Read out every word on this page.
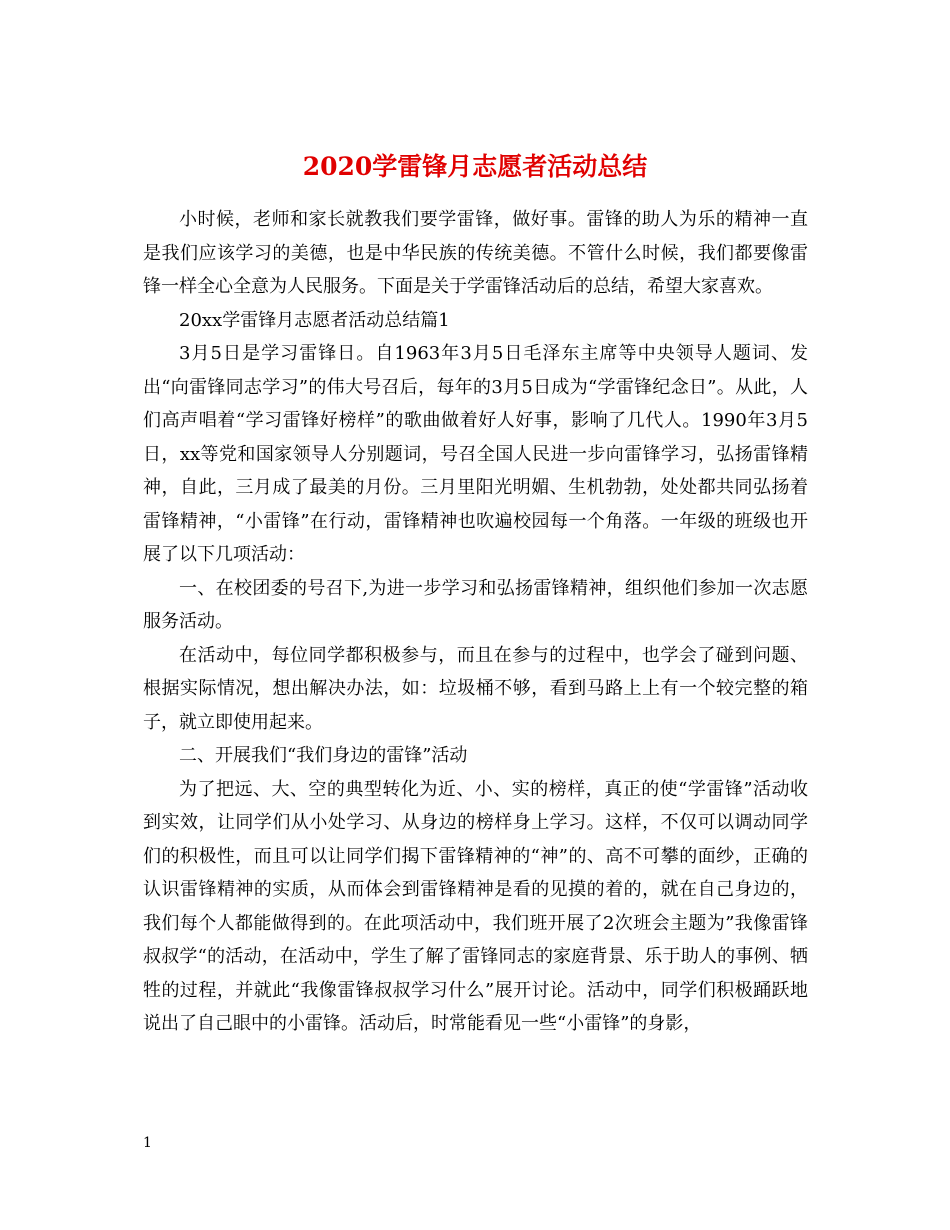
2020学雷锋月志愿者活动总结

小时候，老师和家长就教我们要学雷锋，做好事。雷锋的助人为乐的精神一直是我们应该学习的美德，也是中华民族的传统美德。不管什么时候，我们都要像雷锋一样全心全意为人民服务。下面是关于学雷锋活动后的总结，希望大家喜欢。

20xx学雷锋月志愿者活动总结篇1

3月5日是学习雷锋日。自1963年3月5日毛泽东主席等中央领导人题词、发出“向雷锋同志学习”的伟大号召后，每年的3月5日成为“学雷锋纪念日”。从此，人们高声唱着“学习雷锋好榜样”的歌曲做着好人好事，影响了几代人。1990年3月5日，xx等党和国家领导人分别题词，号召全国人民进一步向雷锋学习，弘扬雷锋精神，自此，三月成了最美的月份。三月里阳光明媚、生机勃勃，处处都共同弘扬着雷锋精神，“小雷锋”在行动，雷锋精神也吹遍校园每一个角落。一年级的班级也开展了以下几项活动：

一、在校团委的号召下,为进一步学习和弘扬雷锋精神，组织他们参加一次志愿服务活动。

在活动中，每位同学都积极参与，而且在参与的过程中，也学会了碰到问题、根据实际情况，想出解决办法，如：垃圾桶不够，看到马路上上有一个较完整的箱子，就立即使用起来。

二、开展我们“我们身边的雷锋”活动

为了把远、大、空的典型转化为近、小、实的榜样，真正的使“学雷锋”活动收到实效，让同学们从小处学习、从身边的榜样身上学习。这样，不仅可以调动同学们的积极性，而且可以让同学们揭下雷锋精神的“神”的、高不可攀的面纱，正确的认识雷锋精神的实质，从而体会到雷锋精神是看的见摸的着的，就在自己身边的，我们每个人都能做得到的。在此项活动中，我们班开展了2次班会主题为”我像雷锋叔叔学“的活动，在活动中，学生了解了雷锋同志的家庭背景、乐于助人的事例、牺牲的过程，并就此“我像雷锋叔叔学习什么”展开讨论。活动中，同学们积极踊跃地说出了自己眼中的小雷锋。活动后，时常能看见一些“小雷锋”的身影，

1
